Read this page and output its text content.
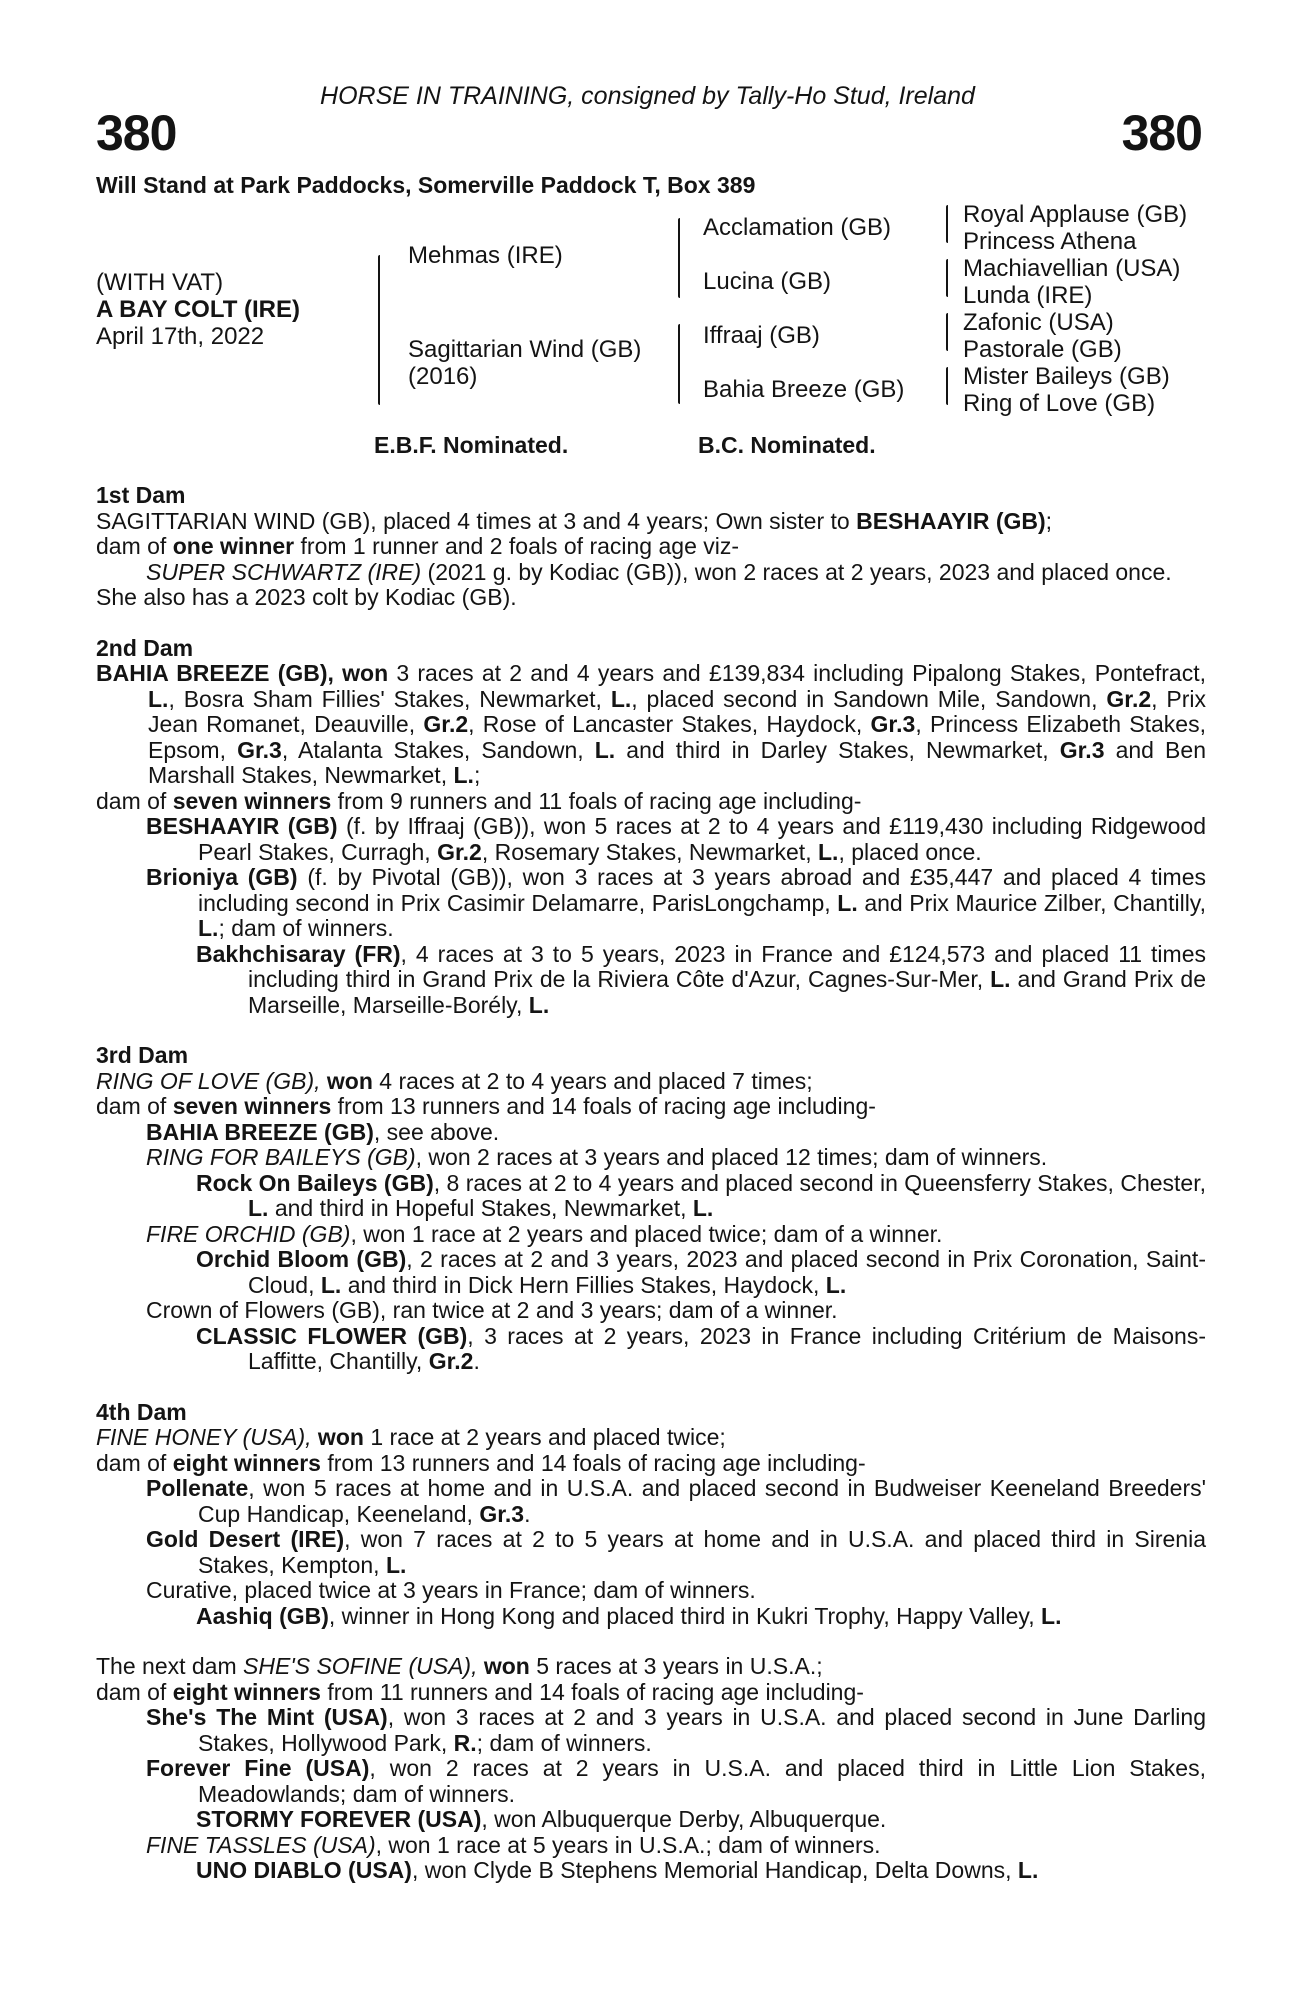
HORSE IN TRAINING, consigned by Tally-Ho Stud, Ireland
380	380
Will Stand at Park Paddocks, Somerville Paddock T, Box 389
(WITH VAT)
A BAY COLT (IRE)
April 17th, 2022
Mehmas (IRE)
Sagittarian Wind (GB)
(2016)
Acclamation (GB)
Lucina (GB)
Iffraaj (GB)
Bahia Breeze (GB)
Royal Applause (GB)
Princess Athena
Machiavellian (USA)
Lunda (IRE)
Zafonic (USA)
Pastorale (GB)
Mister Baileys (GB)
Ring of Love (GB)
E.B.F. Nominated.	B.C. Nominated.
1st Dam

SAGITTARIAN WIND (GB), placed 4 times at 3 and 4 years; Own sister to BESHAAYIR (GB);

dam of one winner from 1 runner and 2 foals of racing age viz-

SUPER SCHWARTZ (IRE) (2021 g. by Kodiac (GB)), won 2 races at 2 years, 2023 and placed once.

She also has a 2023 colt by Kodiac (GB).

2nd Dam

BAHIA BREEZE (GB), won 3 races at 2 and 4 years and £139,834 including Pipalong Stakes, Pontefract, L., Bosra Sham Fillies' Stakes, Newmarket, L., placed second in Sandown Mile, Sandown, Gr.2, Prix Jean Romanet, Deauville, Gr.2, Rose of Lancaster Stakes, Haydock, Gr.3, Princess Elizabeth Stakes, Epsom, Gr.3, Atalanta Stakes, Sandown, L. and third in Darley Stakes, Newmarket, Gr.3 and Ben Marshall Stakes, Newmarket, L.;

dam of seven winners from 9 runners and 11 foals of racing age including-

BESHAAYIR (GB) (f. by Iffraaj (GB)), won 5 races at 2 to 4 years and £119,430 including Ridgewood Pearl Stakes, Curragh, Gr.2, Rosemary Stakes, Newmarket, L., placed once.

Brioniya (GB) (f. by Pivotal (GB)), won 3 races at 3 years abroad and £35,447 and placed 4 times including second in Prix Casimir Delamarre, ParisLongchamp, L. and Prix Maurice Zilber, Chantilly, L.; dam of winners.

Bakhchisaray (FR), 4 races at 3 to 5 years, 2023 in France and £124,573 and placed 11 times including third in Grand Prix de la Riviera Côte d'Azur, Cagnes-Sur-Mer, L. and Grand Prix de Marseille, Marseille-Borély, L.

3rd Dam

RING OF LOVE (GB), won 4 races at 2 to 4 years and placed 7 times;

dam of seven winners from 13 runners and 14 foals of racing age including-

BAHIA BREEZE (GB), see above.

RING FOR BAILEYS (GB), won 2 races at 3 years and placed 12 times; dam of winners.

Rock On Baileys (GB), 8 races at 2 to 4 years and placed second in Queensferry Stakes, Chester, L. and third in Hopeful Stakes, Newmarket, L.

FIRE ORCHID (GB), won 1 race at 2 years and placed twice; dam of a winner.

Orchid Bloom (GB), 2 races at 2 and 3 years, 2023 and placed second in Prix Coronation, Saint-Cloud, L. and third in Dick Hern Fillies Stakes, Haydock, L.

Crown of Flowers (GB), ran twice at 2 and 3 years; dam of a winner.

CLASSIC FLOWER (GB), 3 races at 2 years, 2023 in France including Critérium de Maisons-Laffitte, Chantilly, Gr.2.

4th Dam

FINE HONEY (USA), won 1 race at 2 years and placed twice;

dam of eight winners from 13 runners and 14 foals of racing age including-

Pollenate, won 5 races at home and in U.S.A. and placed second in Budweiser Keeneland Breeders' Cup Handicap, Keeneland, Gr.3.

Gold Desert (IRE), won 7 races at 2 to 5 years at home and in U.S.A. and placed third in Sirenia Stakes, Kempton, L.

Curative, placed twice at 3 years in France; dam of winners.

Aashiq (GB), winner in Hong Kong and placed third in Kukri Trophy, Happy Valley, L.

The next dam SHE'S SOFINE (USA), won 5 races at 3 years in U.S.A.;

dam of eight winners from 11 runners and 14 foals of racing age including-

She's The Mint (USA), won 3 races at 2 and 3 years in U.S.A. and placed second in June Darling Stakes, Hollywood Park, R.; dam of winners.

Forever Fine (USA), won 2 races at 2 years in U.S.A. and placed third in Little Lion Stakes, Meadowlands; dam of winners.

STORMY FOREVER (USA), won Albuquerque Derby, Albuquerque.

FINE TASSLES (USA), won 1 race at 5 years in U.S.A.; dam of winners.

UNO DIABLO (USA), won Clyde B Stephens Memorial Handicap, Delta Downs, L.
